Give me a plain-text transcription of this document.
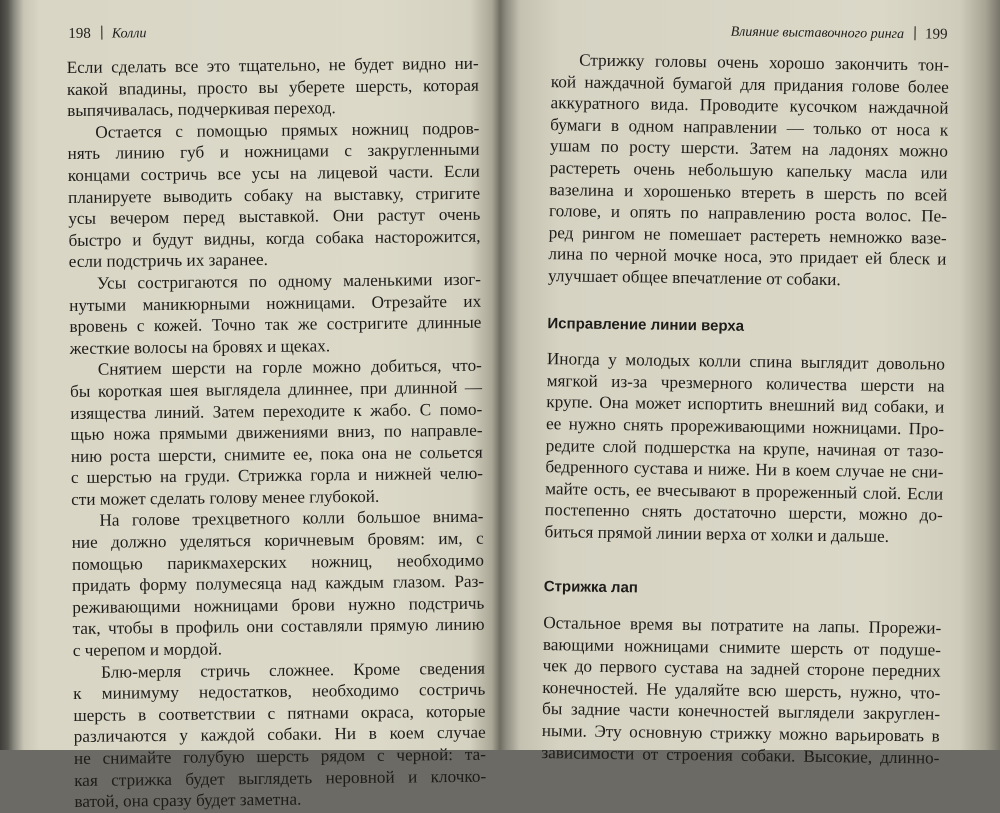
198 Колли
Если сделать все это тщательно, не будет видно ни-
какой впадины, просто вы уберете шерсть, которая
выпячивалась, подчеркивая переход.
Остается с помощью прямых ножниц подров-
нять линию губ и ножницами с закругленными
концами состричь все усы на лицевой части. Если
планируете выводить собаку на выставку, стригите
усы вечером перед выставкой. Они растут очень
быстро и будут видны, когда собака насторожится,
если подстричь их заранее.
Усы состригаются по одному маленькими изог-
нутыми маникюрными ножницами. Отрезайте их
вровень с кожей. Точно так же состригите длинные
жесткие волосы на бровях и щеках.
Снятием шерсти на горле можно добиться, что-
бы короткая шея выглядела длиннее, при длинной —
изящества линий. Затем переходите к жабо. С помо-
щью ножа прямыми движениями вниз, по направле-
нию роста шерсти, снимите ее, пока она не сольется
с шерстью на груди. Стрижка горла и нижней челю-
сти может сделать голову менее глубокой.
На голове трехцветного колли большое внима-
ние должно уделяться коричневым бровям: им, с
помощью парикмахерских ножниц, необходимо
придать форму полумесяца над каждым глазом. Раз-
реживающими ножницами брови нужно подстричь
так, чтобы в профиль они составляли прямую линию
с черепом и мордой.
Блю-мерля стричь сложнее. Кроме сведения
к минимуму недостатков, необходимо состричь
шерсть в соответствии с пятнами окраса, которые
различаются у каждой собаки. Ни в коем случае
не снимайте голубую шерсть рядом с черной: та-
кая стрижка будет выглядеть неровной и клочко-
ватой, она сразу будет заметна.
Влияние выставочного ринга 199
Стрижку головы очень хорошо закончить тон-
кой наждачной бумагой для придания голове более
аккуратного вида. Проводите кусочком наждачной
бумаги в одном направлении — только от носа к
ушам по росту шерсти. Затем на ладонях можно
растереть очень небольшую капельку масла или
вазелина и хорошенько втереть в шерсть по всей
голове, и опять по направлению роста волос. Пе-
ред рингом не помешает растереть немножко вазе-
лина по черной мочке носа, это придает ей блеск и
улучшает общее впечатление от собаки.
Исправление линии верха
Иногда у молодых колли спина выглядит довольно
мягкой из-за чрезмерного количества шерсти на
крупе. Она может испортить внешний вид собаки, и
ее нужно снять прореживающими ножницами. Про-
редите слой подшерстка на крупе, начиная от тазо-
бедренного сустава и ниже. Ни в коем случае не сни-
майте ость, ее вчесывают в прореженный слой. Если
постепенно снять достаточно шерсти, можно до-
биться прямой линии верха от холки и дальше.
Стрижка лап
Остальное время вы потратите на лапы. Прорежи-
вающими ножницами снимите шерсть от подуше-
чек до первого сустава на задней стороне передних
конечностей. Не удаляйте всю шерсть, нужно, что-
бы задние части конечностей выглядели закруглен-
ными. Эту основную стрижку можно варьировать в
зависимости от строения собаки. Высокие, длинно-
